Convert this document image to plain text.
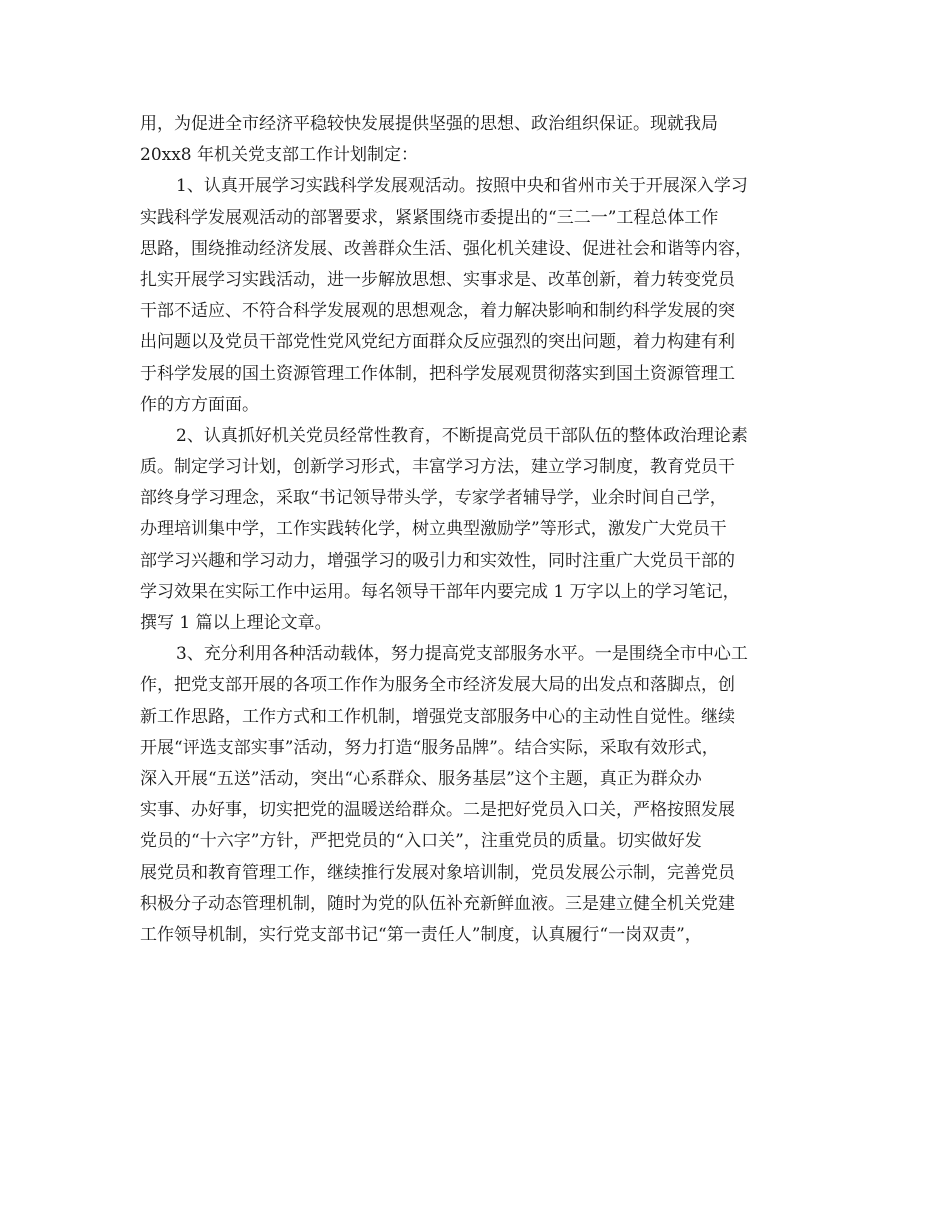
用，为促进全市经济平稳较快发展提供坚强的思想、政治组织保证。现就我局
20xx8 年机关党支部工作计划制定：
1、认真开展学习实践科学发展观活动。按照中央和省州市关于开展深入学习
实践科学发展观活动的部署要求，紧紧围绕市委提出的“三二一”工程总体工作
思路，围绕推动经济发展、改善群众生活、强化机关建设、促进社会和谐等内容，
扎实开展学习实践活动，进一步解放思想、实事求是、改革创新，着力转变党员
干部不适应、不符合科学发展观的思想观念，着力解决影响和制约科学发展的突
出问题以及党员干部党性党风党纪方面群众反应强烈的突出问题，着力构建有利
于科学发展的国土资源管理工作体制，把科学发展观贯彻落实到国土资源管理工
作的方方面面。
2、认真抓好机关党员经常性教育，不断提高党员干部队伍的整体政治理论素
质。制定学习计划，创新学习形式，丰富学习方法，建立学习制度，教育党员干
部终身学习理念，采取“书记领导带头学，专家学者辅导学，业余时间自己学，
办理培训集中学，工作实践转化学，树立典型激励学”等形式，激发广大党员干
部学习兴趣和学习动力，增强学习的吸引力和实效性，同时注重广大党员干部的
学习效果在实际工作中运用。每名领导干部年内要完成 1 万字以上的学习笔记，
撰写 1 篇以上理论文章。
3、充分利用各种活动载体，努力提高党支部服务水平。一是围绕全市中心工
作，把党支部开展的各项工作作为服务全市经济发展大局的出发点和落脚点，创
新工作思路，工作方式和工作机制，增强党支部服务中心的主动性自觉性。继续
开展“评选支部实事”活动，努力打造“服务品牌”。结合实际，采取有效形式，
深入开展“五送”活动，突出“心系群众、服务基层”这个主题，真正为群众办
实事、办好事，切实把党的温暖送给群众。二是把好党员入口关，严格按照发展
党员的“十六字”方针，严把党员的“入口关”，注重党员的质量。切实做好发
展党员和教育管理工作，继续推行发展对象培训制，党员发展公示制，完善党员
积极分子动态管理机制，随时为党的队伍补充新鲜血液。三是建立健全机关党建
工作领导机制，实行党支部书记“第一责任人”制度，认真履行“一岗双责”，
